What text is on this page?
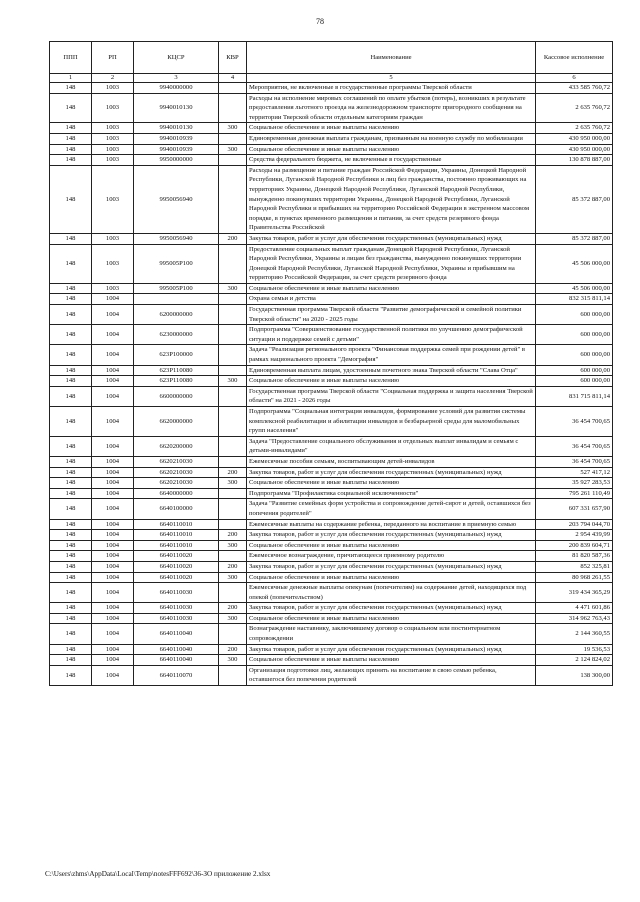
78
ППП	РП	КЦСР	КВР	Наименование	Кассовое исполнение
1	2	3	4	5	6
148	1003	9940000000		Мероприятия, не включенные в государственные программы Тверской области	433 585 760,72
148	1003	9940010130		Расходы на исполнение мировых соглашений по оплате убытков (потерь), возникших в результате предоставления льготного проезда на железнодорожном транспорте пригородного сообщения на территории Тверской области отдельным категориям граждан	2 635 760,72
148	1003	9940010130	300	Социальное обеспечение и иные выплаты населению	2 635 760,72
148	1003	9940010939		Единовременная денежная выплата гражданам, призванным на военную службу по мобилизации	430 950 000,00
148	1003	9940010939	300	Социальное обеспечение и иные выплаты населению	430 950 000,00
148	1003	9950000000		Средства федерального бюджета, не включенные в государственные	130 878 887,00
148	1003	9950056940		Расходы на размещение и питание граждан Российской Федерации, Украины, Донецкой Народной Республики, Луганской Народной Республики и лиц без гражданства, постоянно проживающих на территориях Украины, Донецкой Народной Республики, Луганской Народной Республики, вынужденно покинувших территории Украины, Донецкой Народной Республики, Луганской Народной Республики и прибывших на территорию Российской Федерации в экстренном массовом порядке, в пунктах временного размещения и питания, за счет средств резервного фонда Правительства Российской	85 372 887,00
148	1003	9950056940	200	Закупка товаров, работ и услуг для обеспечения государственных (муниципальных) нужд	85 372 887,00
148	1003	995005P100		Предоставление социальных выплат гражданам Донецкой Народной Республики, Луганской Народной Республики, Украины и лицам без гражданства, вынужденно покинувших территории Донецкой Народной Республики, Луганской Народной Республики, Украины и прибывшим на территорию Российской Федерации, за счет средств резервного фонда	45 506 000,00
148	1003	995005P100	300	Социальное обеспечение и иные выплаты населению	45 506 000,00
148	1004			Охрана семьи и детства	832 315 811,14
148	1004	6200000000		Государственная программа Тверской области "Развитие демографической и семейной политики Тверской области" на 2020 - 2025 годы	600 000,00
148	1004	6230000000		Подпрограмма "Совершенствование государственной политики по улучшению демографической ситуации и поддержке семей с детьми"	600 000,00
148	1004	623P100000		Задача "Реализация регионального проекта "Финансовая поддержка семей при рождении детей" в рамках национального проекта "Демография"	600 000,00
148	1004	623P110080		Единовременная выплата лицам, удостоенным почетного знака Тверской области "Слава Отца"	600 000,00
148	1004	623P110080	300	Социальное обеспечение и иные выплаты населению	600 000,00
148	1004	6600000000		Государственная программа Тверской области "Социальная поддержка и защита населения Тверской области" на 2021 - 2026 годы	831 715 811,14
148	1004	6620000000		Подпрограмма "Социальная интеграция инвалидов, формирование условий для развития системы комплексной реабилитации и абилитации инвалидов и безбарьерной среды для маломобильных групп населения"	36 454 700,65
148	1004	6620200000		Задача "Предоставление социального обслуживания и отдельных выплат инвалидам и семьям с детьми-инвалидами"	36 454 700,65
148	1004	6620210030		Ежемесячные пособия семьям, воспитывающим детей-инвалидов	36 454 700,65
148	1004	6620210030	200	Закупка товаров, работ и услуг для обеспечения государственных (муниципальных) нужд	527 417,12
148	1004	6620210030	300	Социальное обеспечение и иные выплаты населению	35 927 283,53
148	1004	6640000000		Подпрограмма "Профилактика социальной исключенности"	795 261 110,49
148	1004	6640100000		Задача "Развитие семейных форм устройства и сопровождение детей-сирот и детей, оставшихся без попечения родителей"	607 331 657,90
148	1004	6640110010		Ежемесячные выплаты на содержание ребенка, переданного на воспитание в приемную семью	203 794 044,70
148	1004	6640110010	200	Закупка товаров, работ и услуг для обеспечения государственных (муниципальных) нужд	2 954 439,99
148	1004	6640110010	300	Социальное обеспечение и иные выплаты населению	200 839 604,71
148	1004	6640110020		Ежемесячное вознаграждение, причитающееся приемному родителю	81 820 587,36
148	1004	6640110020	200	Закупка товаров, работ и услуг для обеспечения государственных (муниципальных) нужд	852 325,81
148	1004	6640110020	300	Социальное обеспечение и иные выплаты населению	80 968 261,55
148	1004	6640110030		Ежемесячные денежные выплаты опекунам (попечителям) на содержание детей, находящихся под опекой (попечительством)	319 434 365,29
148	1004	6640110030	200	Закупка товаров, работ и услуг для обеспечения государственных (муниципальных) нужд	4 471 601,86
148	1004	6640110030	300	Социальное обеспечение и иные выплаты населению	314 962 763,43
148	1004	6640110040		Вознаграждение наставнику, заключившему договор о социальном или постинтернатном сопровождении	2 144 360,55
148	1004	6640110040	200	Закупка товаров, работ и услуг для обеспечения государственных (муниципальных) нужд	19 536,53
148	1004	6640110040	300	Социальное обеспечение и иные выплаты населению	2 124 824,02
148	1004	6640110070		Организация подготовки лиц, желающих принять на воспитание в свою семью ребенка, оставшегося без попечения родителей	138 300,00
C:\Users\zhms\AppData\Local\Temp\notesFFF692\36-ЗО приложение 2.xlsx
